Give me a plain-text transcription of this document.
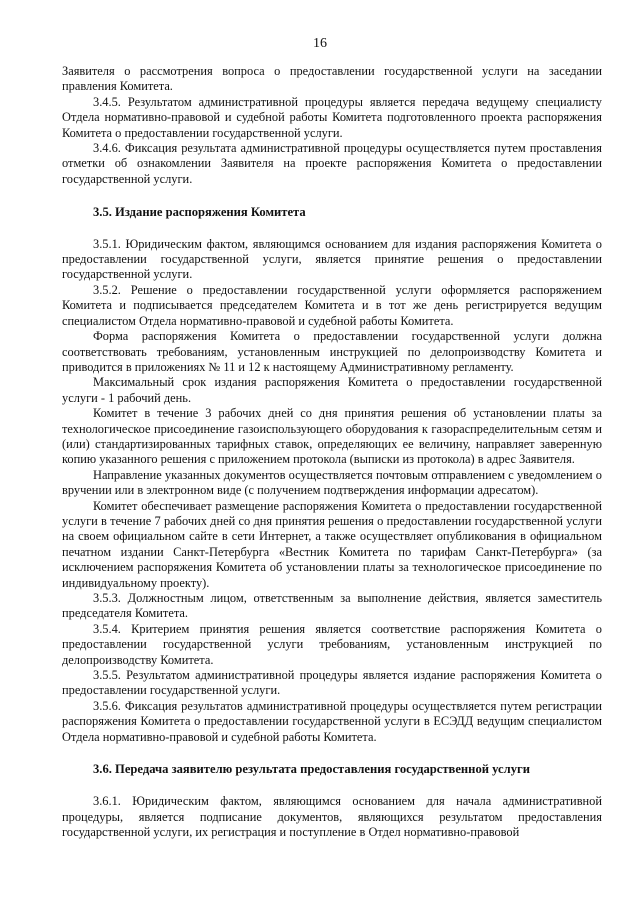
16

Заявителя о рассмотрения вопроса о предоставлении государственной услуги на заседании правления Комитета.

3.4.5. Результатом административной процедуры является передача ведущему специалисту Отдела нормативно-правовой и судебной работы Комитета подготовленного проекта распоряжения Комитета о предоставлении государственной услуги.

3.4.6. Фиксация результата административной процедуры осуществляется путем проставления отметки об ознакомлении Заявителя на проекте распоряжения Комитета о предоставлении государственной услуги.

3.5. Издание распоряжения Комитета

3.5.1. Юридическим фактом, являющимся основанием для издания распоряжения Комитета о предоставлении государственной услуги, является принятие решения о предоставлении государственной услуги.

3.5.2. Решение о предоставлении государственной услуги оформляется распоряжением Комитета и подписывается председателем Комитета и в тот же день регистрируется ведущим специалистом Отдела нормативно-правовой и судебной работы Комитета.

Форма распоряжения Комитета о предоставлении государственной услуги должна соответствовать требованиям, установленным инструкцией по делопроизводству Комитета и приводится в приложениях № 11 и 12 к настоящему Административному регламенту.

Максимальный срок издания распоряжения Комитета о предоставлении государственной услуги - 1 рабочий день.

Комитет в течение 3 рабочих дней со дня принятия решения об установлении платы за технологическое присоединение газоиспользующего оборудования к газораспределительным сетям и (или) стандартизированных тарифных ставок, определяющих ее величину, направляет заверенную копию указанного решения с приложением протокола (выписки из протокола) в адрес Заявителя.

Направление указанных документов осуществляется почтовым отправлением с уведомлением о вручении или в электронном виде (с получением подтверждения информации адресатом).

Комитет обеспечивает размещение распоряжения Комитета о предоставлении государственной услуги в течение 7 рабочих дней со дня принятия решения о предоставлении государственной услуги на своем официальном сайте в сети Интернет, а также осуществляет опубликования в официальном печатном издании Санкт-Петербурга «Вестник Комитета по тарифам Санкт-Петербурга» (за исключением распоряжения Комитета об установлении платы за технологическое присоединение по индивидуальному проекту).

3.5.3. Должностным лицом, ответственным за выполнение действия, является заместитель председателя Комитета.

3.5.4. Критерием принятия решения является соответствие распоряжения Комитета о предоставлении государственной услуги требованиям, установленным инструкцией по делопроизводству Комитета.

3.5.5. Результатом административной процедуры является издание распоряжения Комитета о предоставлении государственной услуги.

3.5.6. Фиксация результатов административной процедуры осуществляется путем регистрации распоряжения Комитета о предоставлении государственной услуги в ЕСЭДД ведущим специалистом Отдела нормативно-правовой и судебной работы Комитета.

3.6. Передача заявителю результата предоставления государственной услуги

3.6.1. Юридическим фактом, являющимся основанием для начала административной процедуры, является подписание документов, являющихся результатом предоставления государственной услуги, их регистрация и поступление в Отдел нормативно-правовой
